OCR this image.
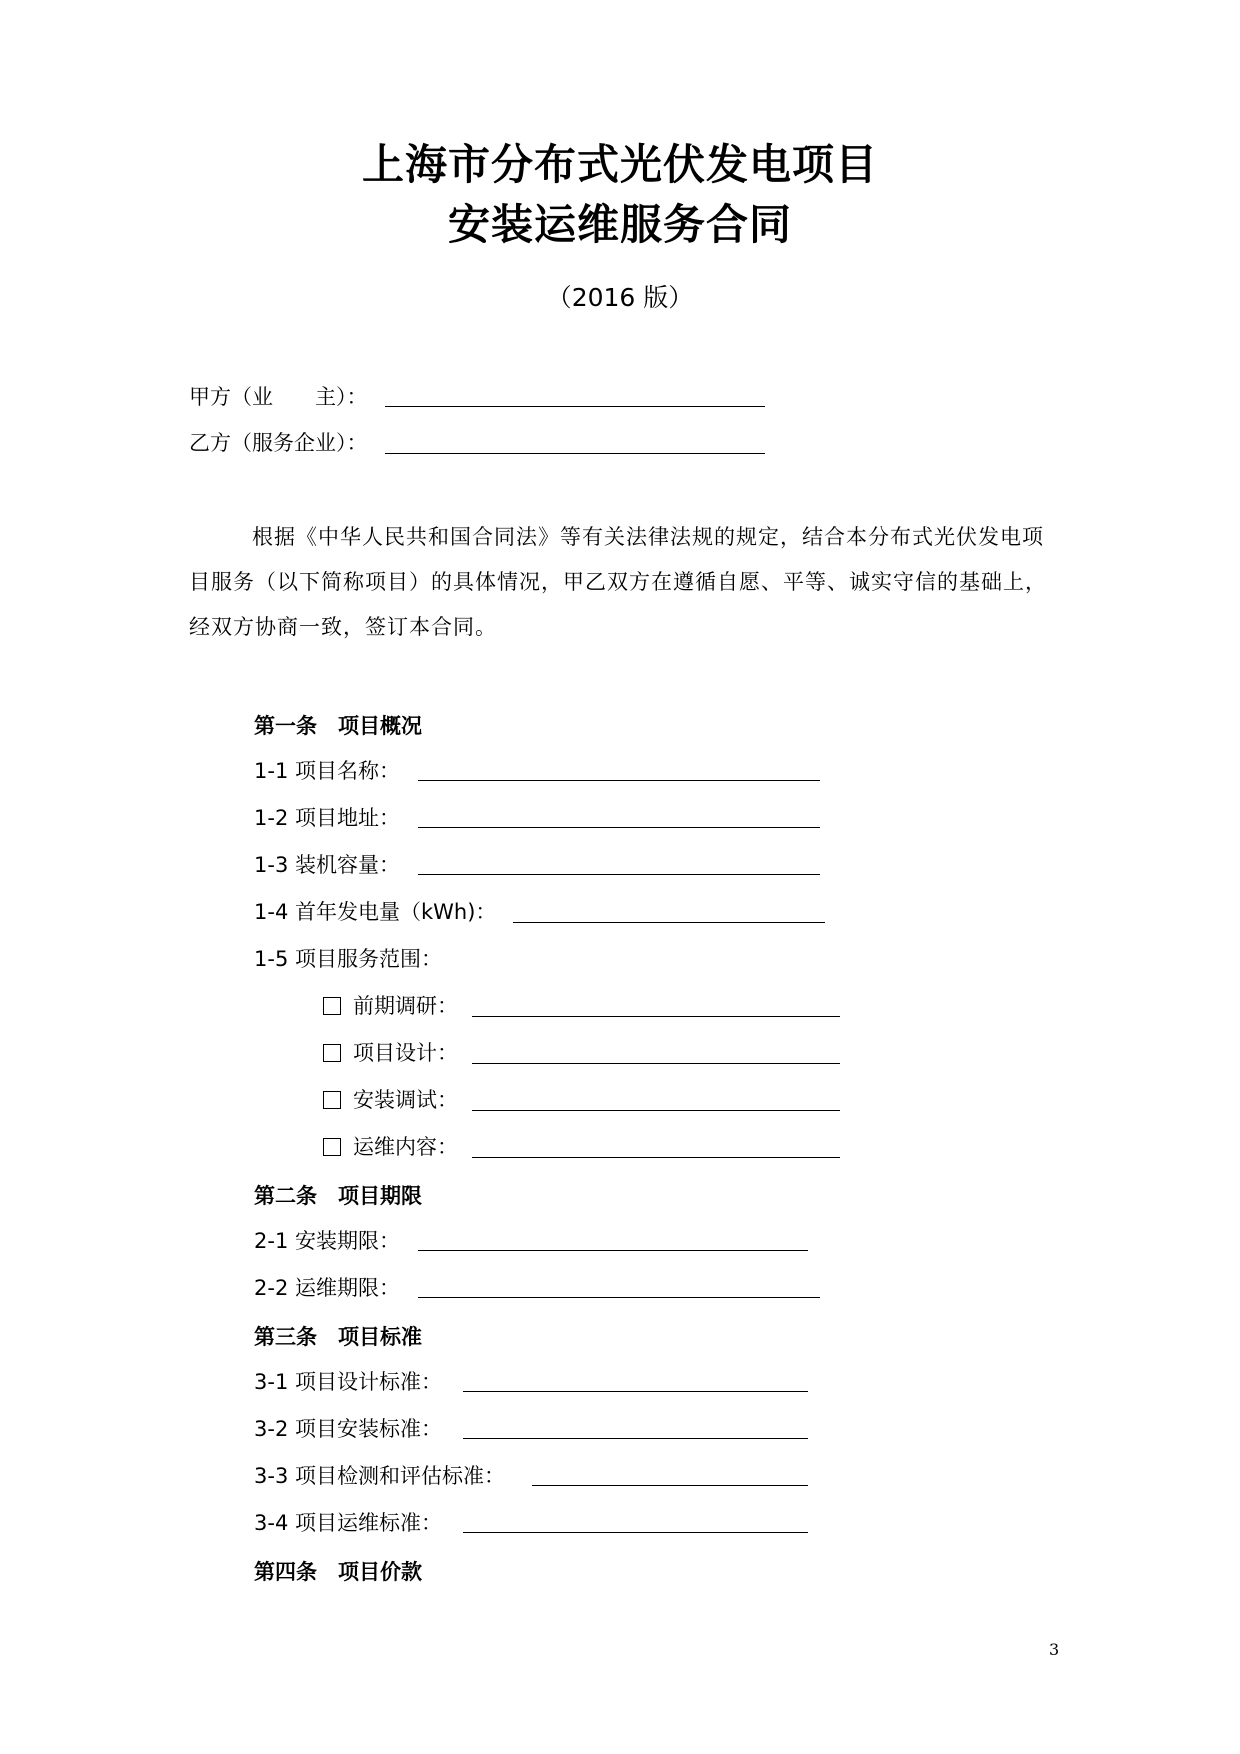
上海市分布式光伏发电项目
安装运维服务合同
（2016 版）
甲方（业　　主）：
乙方（服务企业）：
根据《中华人民共和国合同法》等有关法律法规的规定，结合本分布式光伏发电项目服务（以下简称项目）的具体情况，甲乙双方在遵循自愿、平等、诚实守信的基础上，经双方协商一致，签订本合同。
第一条　项目概况
1-1 项目名称：
1-2 项目地址：
1-3 装机容量：
1-4 首年发电量（kWh)：
1-5 项目服务范围：
前期调研：
项目设计：
安装调试：
运维内容：
第二条　项目期限
2-1 安装期限：
2-2 运维期限：
第三条　项目标准
3-1 项目设计标准：
3-2 项目安装标准：
3-3 项目检测和评估标准：
3-4 项目运维标准：
第四条　项目价款
3
